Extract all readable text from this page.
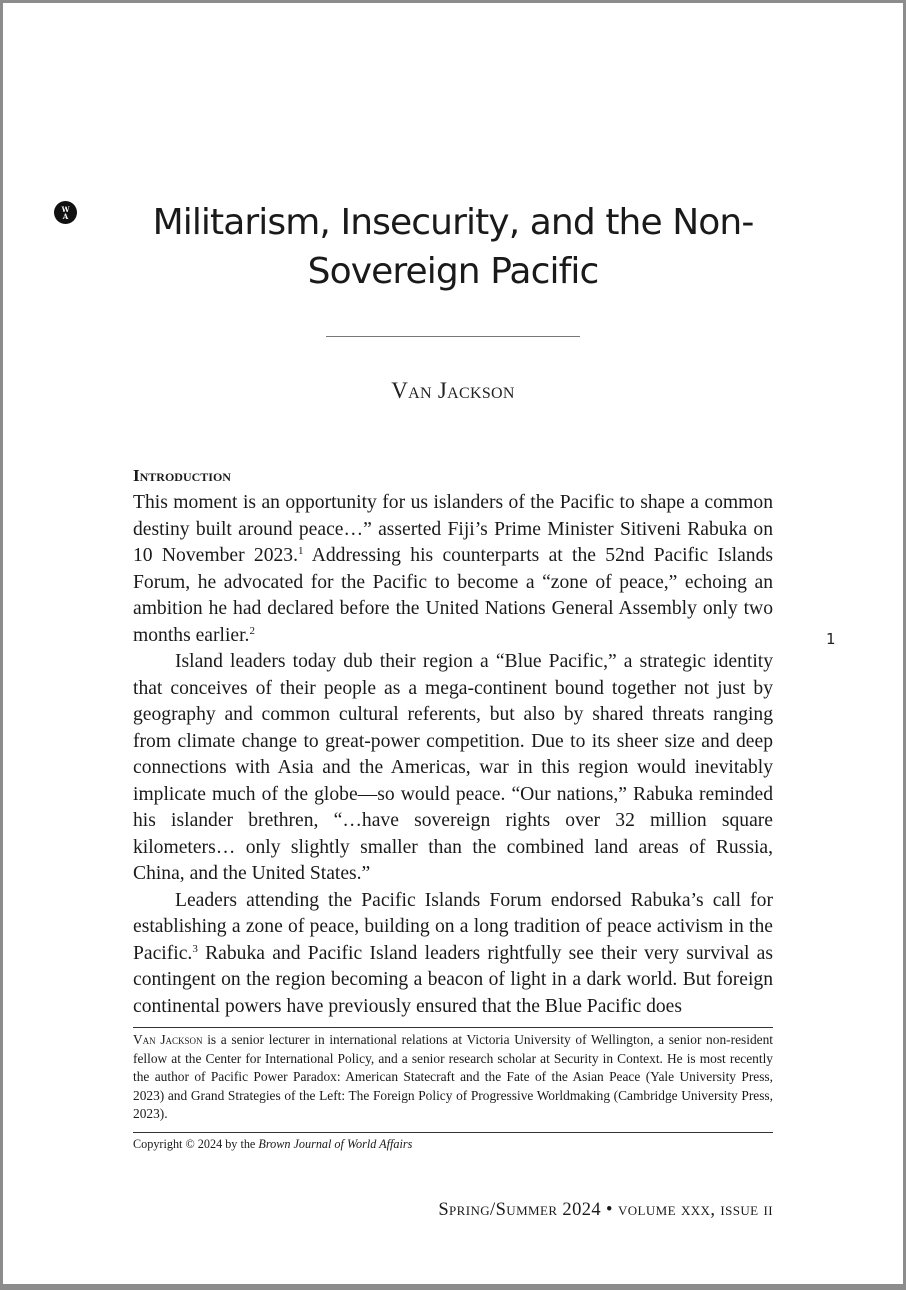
W
A	Militarism, Insecurity, and the Non-Sovereign Pacific
Van Jackson
Introduction

This moment is an opportunity for us islanders of the Pacific to shape a common destiny built around peace…” asserted Fiji’s Prime Minister Sitiveni Rabuka on 10 November 2023.$^1$ Addressing his counterparts at the 52nd Pacific Islands Forum, he advocated for the Pacific to become a “zone of peace,” echoing an ambition he had declared before the United Nations General Assembly only two months earlier.$^2$

Island leaders today dub their region a “Blue Pacific,” a strategic identity that conceives of their people as a mega-continent bound together not just by geography and common cultural referents, but also by shared threats ranging from climate change to great-power competition. Due to its sheer size and deep connections with Asia and the Americas, war in this region would inevitably implicate much of the globe—so would peace. “Our nations,” Rabuka reminded his islander brethren, “…have sovereign rights over 32 million square kilometers… only slightly smaller than the combined land areas of Russia, China, and the United States.”

Leaders attending the Pacific Islands Forum endorsed Rabuka’s call for establishing a zone of peace, building on a long tradition of peace activism in the Pacific.$^3$ Rabuka and Pacific Island leaders rightfully see their very survival as contingent on the region becoming a beacon of light in a dark world. But foreign continental powers have previously ensured that the Blue Pacific does

1
Van Jackson is a senior lecturer in international relations at Victoria University of Wellington, a senior non-resident fellow at the Center for International Policy, and a senior research scholar at Security in Context. He is most recently the author of Pacific Power Paradox: American Statecraft and the Fate of the Asian Peace (Yale University Press, 2023) and Grand Strategies of the Left: The Foreign Policy of Progressive Worldmaking (Cambridge University Press, 2023).
Copyright © 2024 by the Brown Journal of World Affairs
Spring/Summer 2024 • volume xxx, issue ii
